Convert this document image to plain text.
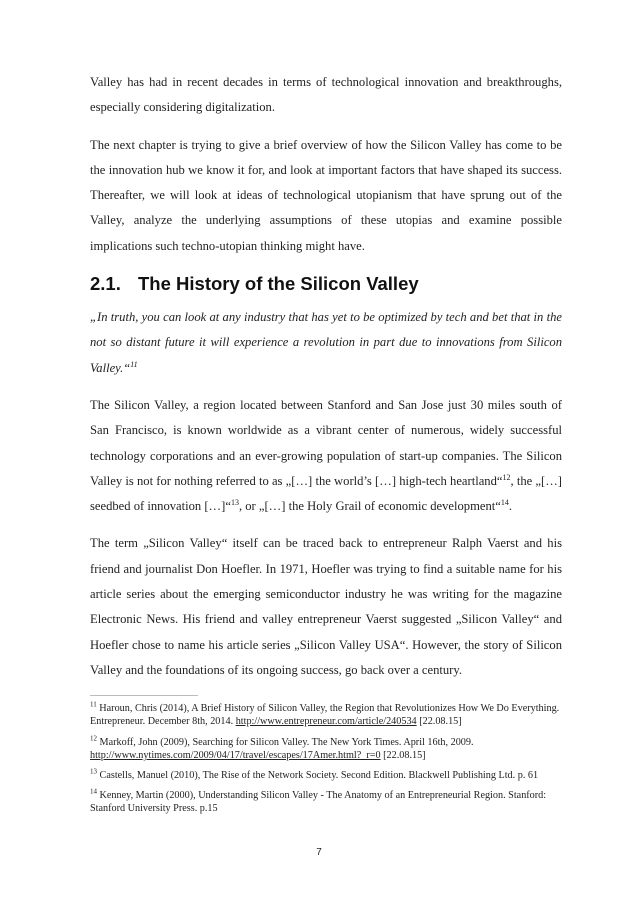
Valley has had in recent decades in terms of technological innovation and breakthroughs, especially considering digitalization.

The next chapter is trying to give a brief overview of how the Silicon Valley has come to be the innovation hub we know it for, and look at important factors that have shaped its success. Thereafter, we will look at ideas of technological utopianism that have sprung out of the Valley, analyze the underlying assumptions of these utopias and examine possible implications such techno-utopian thinking might have.

2.1. The History of the Silicon Valley

„In truth, you can look at any industry that has yet to be optimized by tech and bet that in the not so distant future it will experience a revolution in part due to innovations from Silicon Valley.“$^{11}$

The Silicon Valley, a region located between Stanford and San Jose just 30 miles south of San Francisco, is known worldwide as a vibrant center of numerous, widely successful technology corporations and an ever-growing population of start-up companies. The Silicon Valley is not for nothing referred to as „[…] the world’s […] high-tech heartland“$^{12}$, the „[…] seedbed of innovation […]“$^{13}$, or „[…] the Holy Grail of economic development“$^{14}$.

The term „Silicon Valley“ itself can be traced back to entrepreneur Ralph Vaerst and his friend and journalist Don Hoefler. In 1971, Hoefler was trying to find a suitable name for his article series about the emerging semiconductor industry he was writing for the magazine Electronic News. His friend and valley entrepreneur Vaerst suggested „Silicon Valley“ and Hoefler chose to name his article series „Silicon Valley USA“. However, the story of Silicon Valley and the foundations of its ongoing success, go back over a century.

$^{11}$ Haroun, Chris (2014), A Brief History of Silicon Valley, the Region that Revolutionizes How We Do Everything. Entrepreneur. December 8th, 2014. http://www.entrepreneur.com/article/240534 [22.08.15]

$^{12}$ Markoff, John (2009), Searching for Silicon Valley. The New York Times. April 16th, 2009. http://www.nytimes.com/2009/04/17/travel/escapes/17Amer.html?_r=0 [22.08.15]

$^{13}$ Castells, Manuel (2010), The Rise of the Network Society. Second Edition. Blackwell Publishing Ltd. p. 61

$^{14}$ Kenney, Martin (2000), Understanding Silicon Valley - The Anatomy of an Entrepreneurial Region. Stanford: Stanford University Press. p.15

7
